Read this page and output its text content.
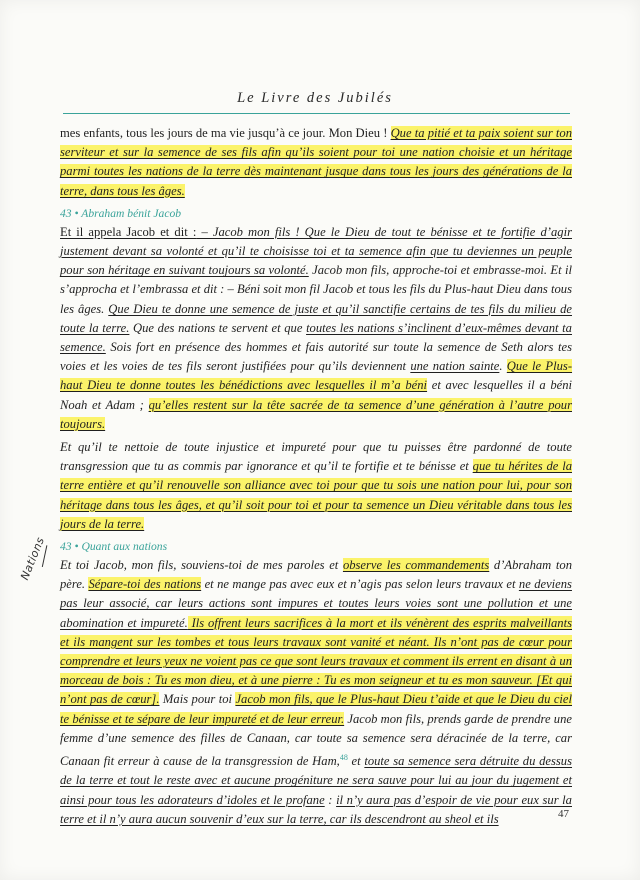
Le Livre des Jubilés
Nations

mes enfants, tous les jours de ma vie jusqu’à ce jour. Mon Dieu ! Que ta pitié et ta paix soient sur ton serviteur et sur la semence de ses fils afin qu’ils soient pour toi une nation choisie et un héritage parmi toutes les nations de la terre dès maintenant jusque dans tous les jours des générations de la terre, dans tous les âges.

43 • Abraham bénit Jacob

Et il appela Jacob et dit : – Jacob mon fils ! Que le Dieu de tout te bénisse et te fortifie d’agir justement devant sa volonté et qu’il te choisisse toi et ta semence afin que tu deviennes un peuple pour son héritage en suivant toujours sa volonté. Jacob mon fils, approche-toi et embrasse-moi. Et il s’approcha et l’embrassa et dit : – Béni soit mon fil Jacob et tous les fils du Plus-haut Dieu dans tous les âges. Que Dieu te donne une semence de juste et qu’il sanctifie certains de tes fils du milieu de toute la terre. Que des nations te servent et que toutes les nations s’inclinent d’eux-mêmes devant ta semence. Sois fort en présence des hommes et fais autorité sur toute la semence de Seth alors tes voies et les voies de tes fils seront justifiées pour qu’ils deviennent une nation sainte. Que le Plus-haut Dieu te donne toutes les bénédictions avec lesquelles il m’a béni et avec lesquelles il a béni Noah et Adam ; qu’elles restent sur la tête sacrée de ta semence d’une génération à l’autre pour toujours.

Et qu’il te nettoie de toute injustice et impureté pour que tu puisses être pardonné de toute transgression que tu as commis par ignorance et qu’il te fortifie et te bénisse et que tu hérites de la terre entière et qu’il renouvelle son alliance avec toi pour que tu sois une nation pour lui, pour son héritage dans tous les âges, et qu’il soit pour toi et pour ta semence un Dieu véritable dans tous les jours de la terre.

43 • Quant aux nations

Et toi Jacob, mon fils, souviens-toi de mes paroles et observe les commandements d’Abraham ton père. Sépare-toi des nations et ne mange pas avec eux et n’agis pas selon leurs travaux et ne deviens pas leur associé, car leurs actions sont impures et toutes leurs voies sont une pollution et une abomination et impureté. Ils offrent leurs sacrifices à la mort et ils vénèrent des esprits malveillants et ils mangent sur les tombes et tous leurs travaux sont vanité et néant. Ils n’ont pas de cœur pour comprendre et leurs yeux ne voient pas ce que sont leurs travaux et comment ils errent en disant à un morceau de bois : Tu es mon dieu, et à une pierre : Tu es mon seigneur et tu es mon sauveur. [Et qui n’ont pas de cœur]. Mais pour toi Jacob mon fils, que le Plus-haut Dieu t’aide et que le Dieu du ciel te bénisse et te sépare de leur impureté et de leur erreur. Jacob mon fils, prends garde de prendre une femme d’une semence des filles de Canaan, car toute sa semence sera déracinée de la terre, car Canaan fit erreur à cause de la transgression de Ham,$^{48}$ et toute sa semence sera détruite du dessus de la terre et tout le reste avec et aucune progéniture ne sera sauve pour lui au jour du jugement et ainsi pour tous les adorateurs d’idoles et le profane : il n’y aura pas d’espoir de vie pour eux sur la terre et il n’y aura aucun souvenir d’eux sur la terre, car ils descendront au sheol et ils	47
